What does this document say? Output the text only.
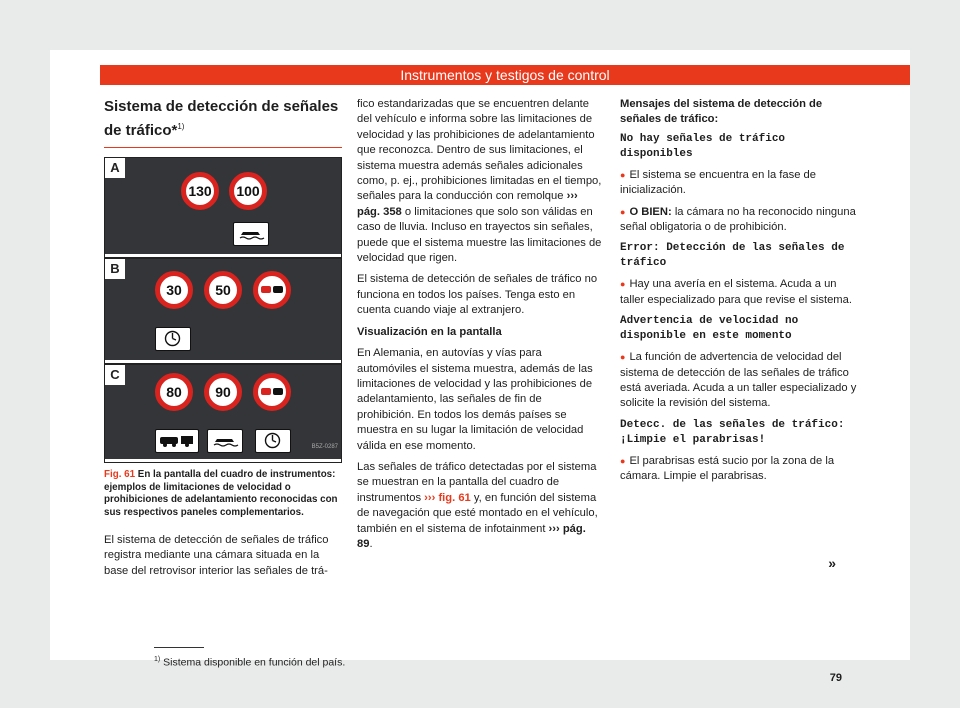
Instrumentos y testigos de control
Sistema de detección de señales de tráfico*$^{1)}$
A
130	100
B
30	50
C
80	90
B5Z-0287
Fig. 61 En la pantalla del cuadro de instrumentos: ejemplos de limitaciones de velocidad o prohibiciones de adelantamiento reconocidas con sus respectivos paneles complementarios.

El sistema de detección de señales de tráfico registra mediante una cámara situada en la base del retrovisor interior las señales de trá-

fico estandarizadas que se encuentren delante del vehículo e informa sobre las limitaciones de velocidad y las prohibiciones de adelantamiento que reconozca. Dentro de sus limitaciones, el sistema muestra además señales adicionales como, p. ej., prohibiciones limitadas en el tiempo, señales para la conducción con remolque ››› pág. 358 o limitaciones que solo son válidas en caso de lluvia. Incluso en trayectos sin señales, puede que el sistema muestre las limitaciones de velocidad que rigen.

El sistema de detección de señales de tráfico no funciona en todos los países. Tenga esto en cuenta cuando viaje al extranjero.

Visualización en la pantalla

En Alemania, en autovías y vías para automóviles el sistema muestra, además de las limitaciones de velocidad y las prohibiciones de adelantamiento, las señales de fin de prohibición. En todos los demás países se muestra en su lugar la limitación de velocidad válida en ese momento.

Las señales de tráfico detectadas por el sistema se muestran en la pantalla del cuadro de instrumentos ››› fig. 61 y, en función del sistema de navegación que esté montado en el vehículo, también en el sistema de infotainment ››› pág. 89.

Mensajes del sistema de detección de señales de tráfico:

No hay señales de tráfico disponibles

● El sistema se encuentra en la fase de inicialización.

● O BIEN: la cámara no ha reconocido ninguna señal obligatoria o de prohibición.

Error: Detección de las señales de tráfico

● Hay una avería en el sistema. Acuda a un taller especializado para que revise el sistema.

Advertencia de velocidad no disponible en este momento

● La función de advertencia de velocidad del sistema de detección de las señales de tráfico está averiada. Acuda a un taller especializado y solicite la revisión del sistema.

Detecc. de las señales de tráfico: ¡Limpie el parabrisas!

● El parabrisas está sucio por la zona de la cámara. Limpie el parabrisas.

»
$^{1)}$ Sistema disponible en función del país.
79
